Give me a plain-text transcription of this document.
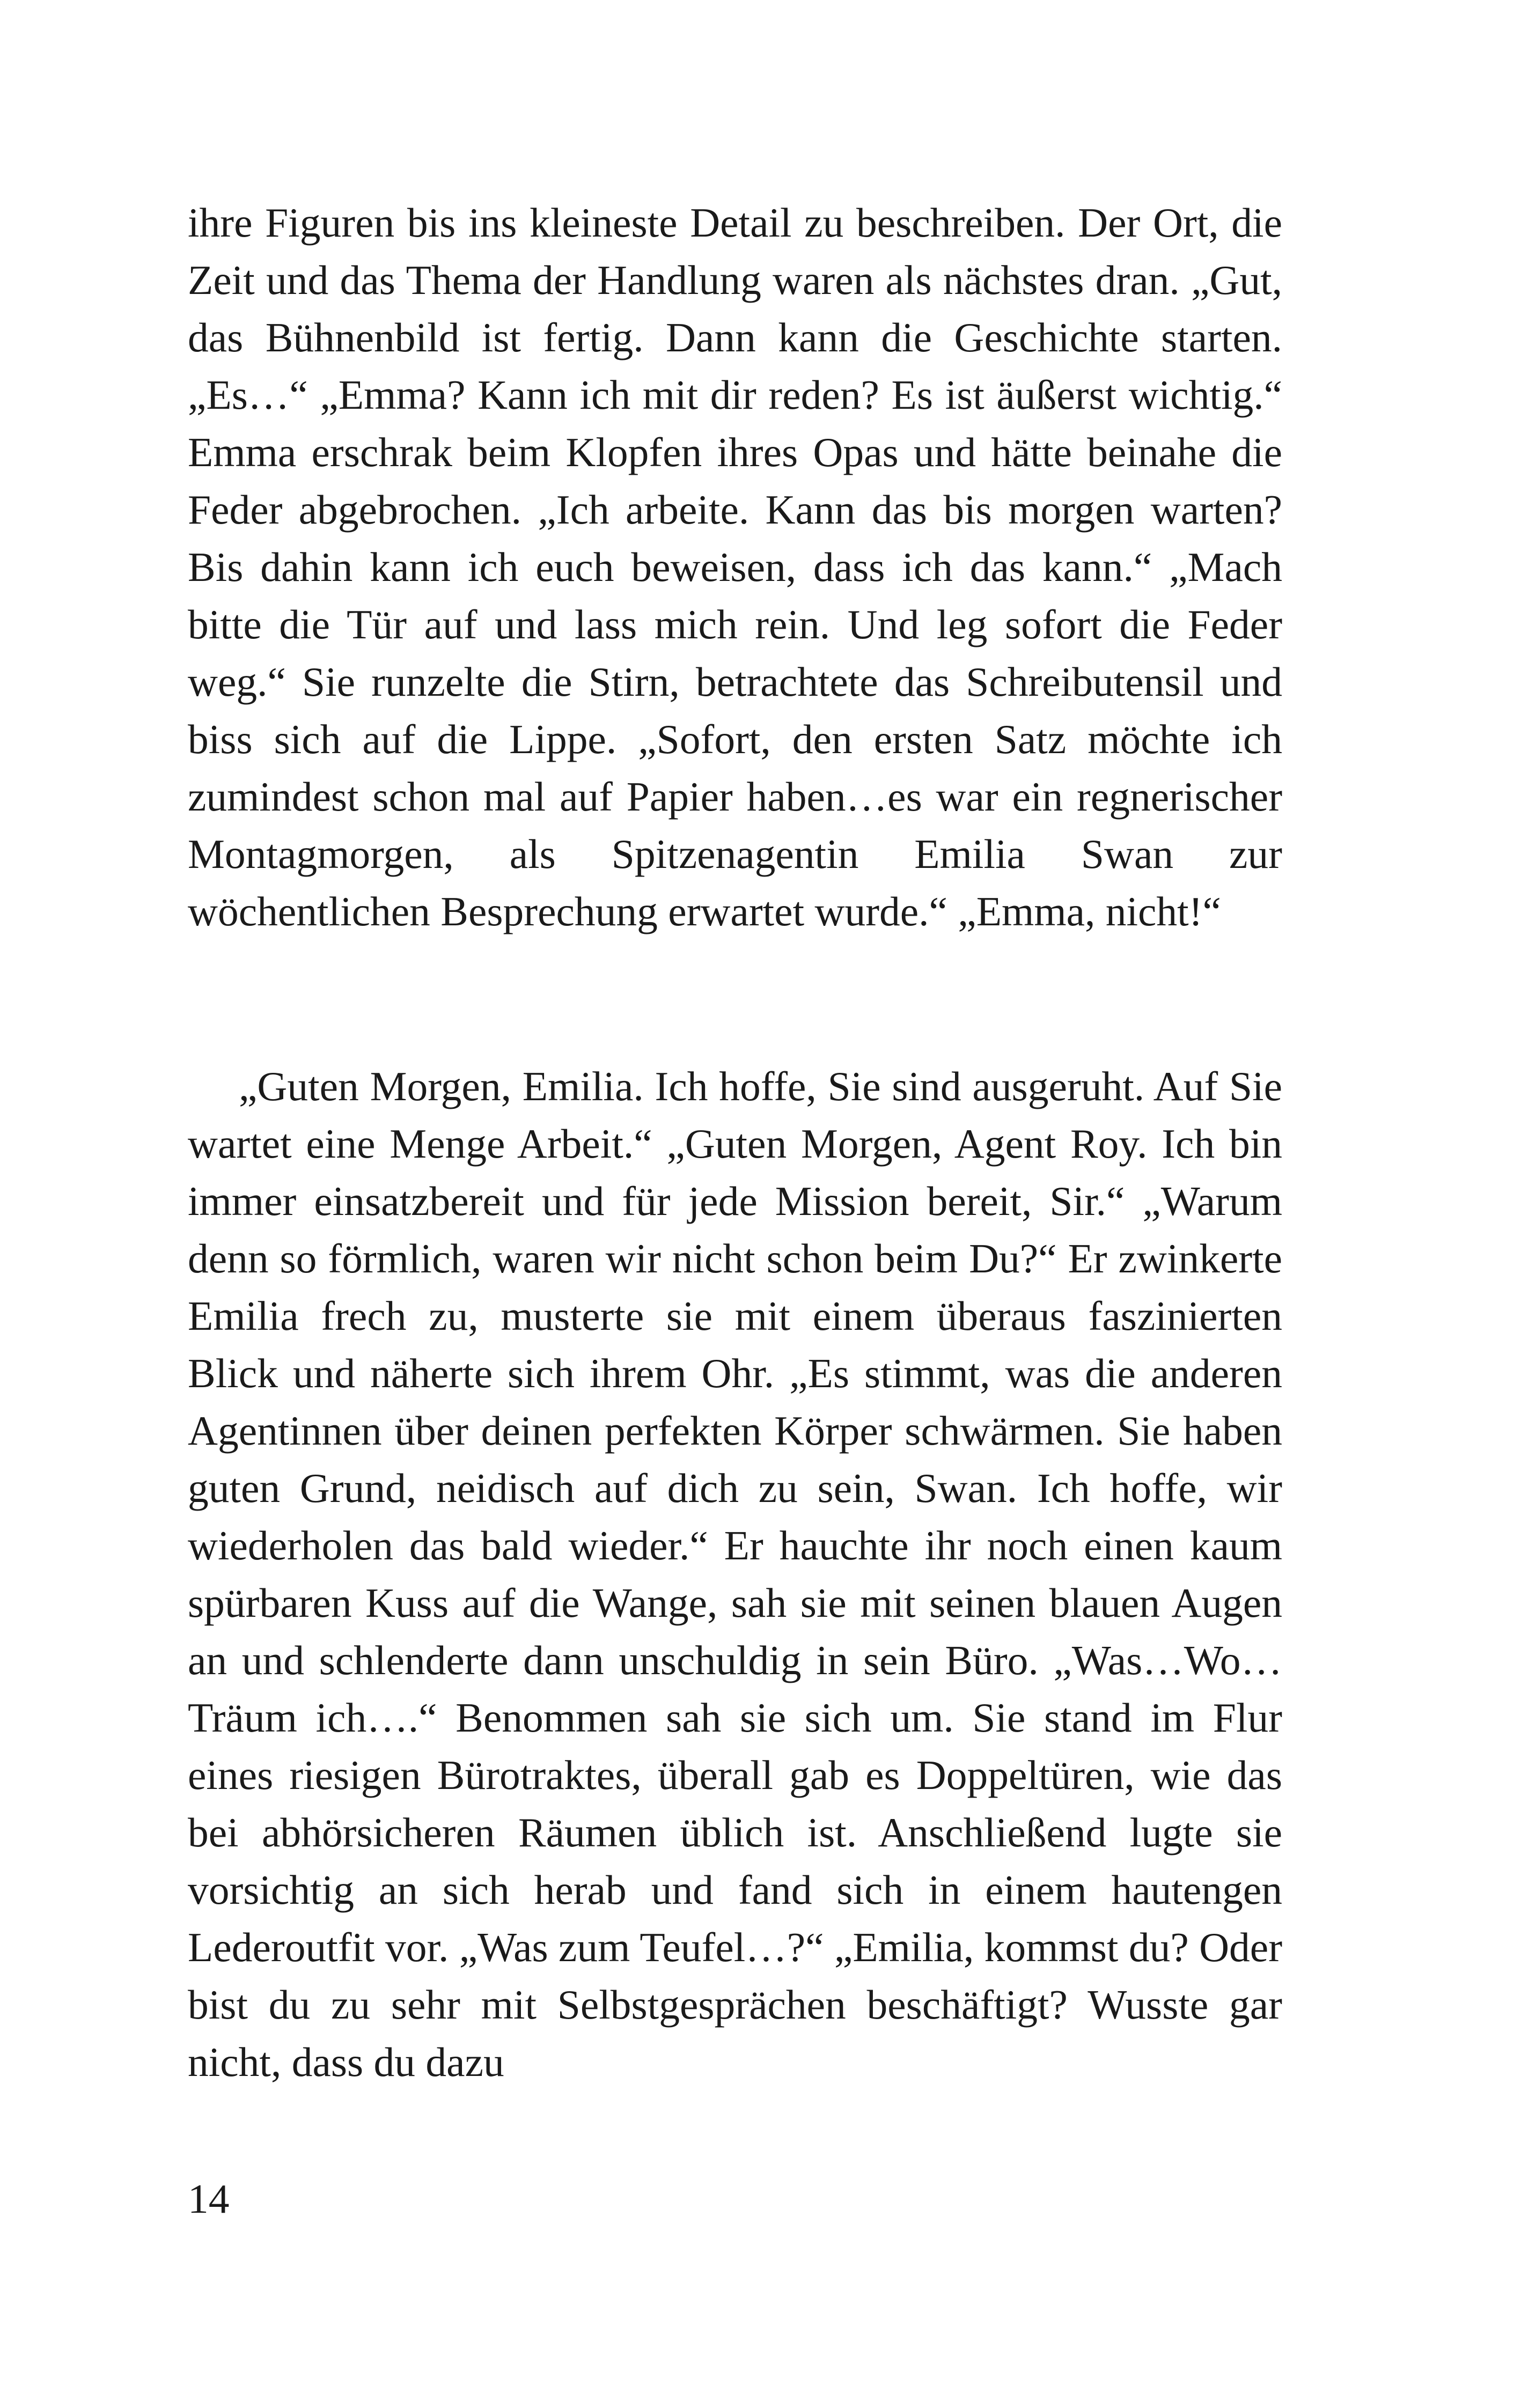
ihre Figuren bis ins kleineste Detail zu beschreiben. Der Ort, die Zeit und das Thema der Handlung waren als nächstes dran. „Gut, das Bühnenbild ist fertig. Dann kann die Geschichte starten. „Es…“ „Emma? Kann ich mit dir reden? Es ist äußerst wichtig.“ Emma erschrak beim Klopfen ihres Opas und hätte beinahe die Feder abgebrochen. „Ich arbeite. Kann das bis morgen warten? Bis dahin kann ich euch beweisen, dass ich das kann.“ „Mach bitte die Tür auf und lass mich rein. Und leg sofort die Feder weg.“ Sie runzelte die Stirn, betrachtete das Schreibutensil und biss sich auf die Lippe. „Sofort, den ersten Satz möchte ich zumindest schon mal auf Papier haben…es war ein regnerischer Montagmorgen, als Spitzenagentin Emilia Swan zur wöchentlichen Besprechung erwartet wurde.“ „Emma, nicht!“

„Guten Morgen, Emilia. Ich hoffe, Sie sind ausgeruht. Auf Sie wartet eine Menge Arbeit.“ „Guten Morgen, Agent Roy. Ich bin immer einsatzbereit und für jede Mission bereit, Sir.“ „Warum denn so förmlich, waren wir nicht schon beim Du?“ Er zwinkerte Emilia frech zu, musterte sie mit einem überaus faszinierten Blick und näherte sich ihrem Ohr. „Es stimmt, was die anderen Agentinnen über deinen perfekten Körper schwärmen. Sie haben guten Grund, neidisch auf dich zu sein, Swan. Ich hoffe, wir wiederholen das bald wieder.“ Er hauchte ihr noch einen kaum spürbaren Kuss auf die Wange, sah sie mit seinen blauen Augen an und schlenderte dann unschuldig in sein Büro. „Was…Wo…Träum ich….“ Benommen sah sie sich um. Sie stand im Flur eines riesigen Bürotraktes, überall gab es Doppeltüren, wie das bei abhörsicheren Räumen üblich ist. Anschließend lugte sie vorsichtig an sich herab und fand sich in einem hautengen Lederoutfit vor. „Was zum Teufel…?“ „Emilia, kommst du? Oder bist du zu sehr mit Selbstgesprächen beschäftigt? Wusste gar nicht, dass du dazu

14
